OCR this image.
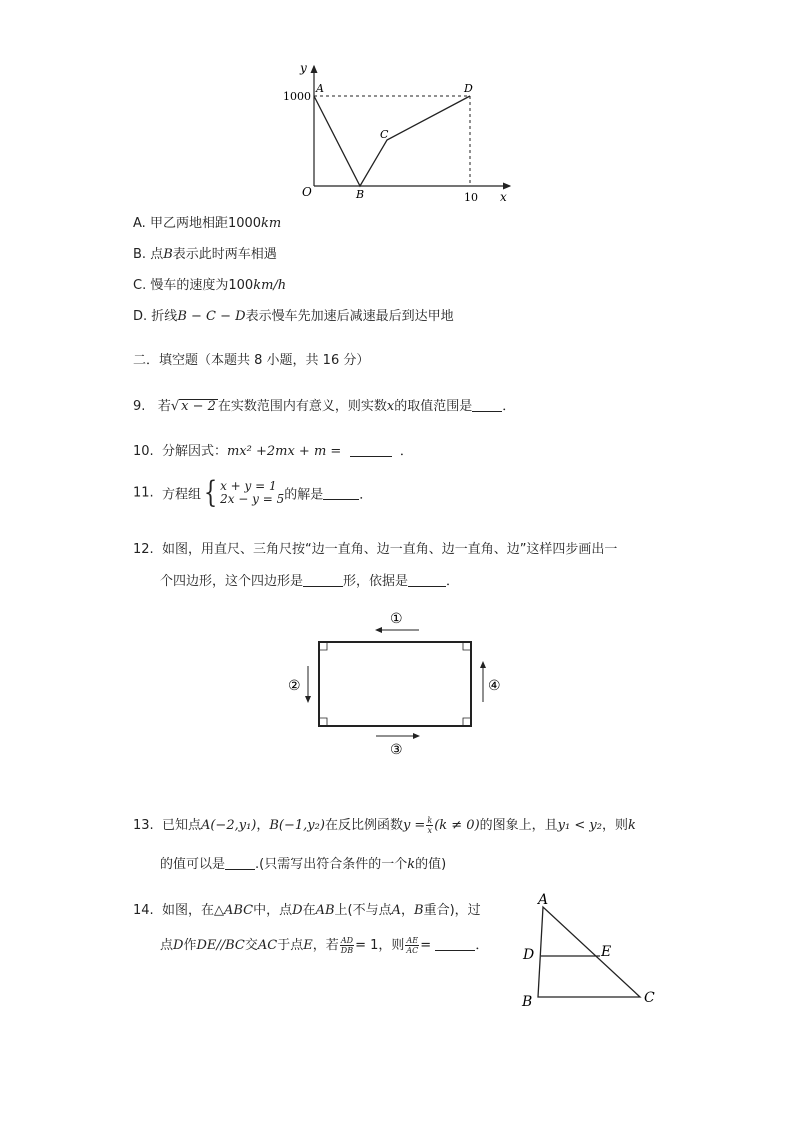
y
x
O
1000
10
A
B
C
D
A. 甲乙两地相距1000km
B. 点B表示此时两车相遇
C. 慢车的速度为100km/h
D. 折线B − C − D表示慢车先加速后减速最后到达甲地
二．填空题（本题共 8 小题，共 16 分）
9. 若√ x − 2 在实数范围内有意义，则实数x的取值范围是 ．
10. 分解因式：mx² +2mx + m =	．
11. 方程组{ x + y = 1
2x − y = 5的解是	．
12. 如图，用直尺、三角尺按“边一直角、边一直角、边一直角、边”这样四步画出一
个四边形，这个四边形是	形，依据是	．
①
②
③
④
13. 已知点A(−2,y₁)，B(−1,y₂)在反比例函数$y = \frac{k}{x} (k \ne 0)$的图象上，且y₁ < y₂，则k
的值可以是 .(只需写出符合条件的一个k的值)
14. 如图，在△ABC中，点D在AB上(不与点A，B重合)，过
点D作DE//BC交AC于点E，若 $\frac{AD}{DB} = 1$，则 $\frac{AE}{AC}$ =	．
A
D	E
B	C
